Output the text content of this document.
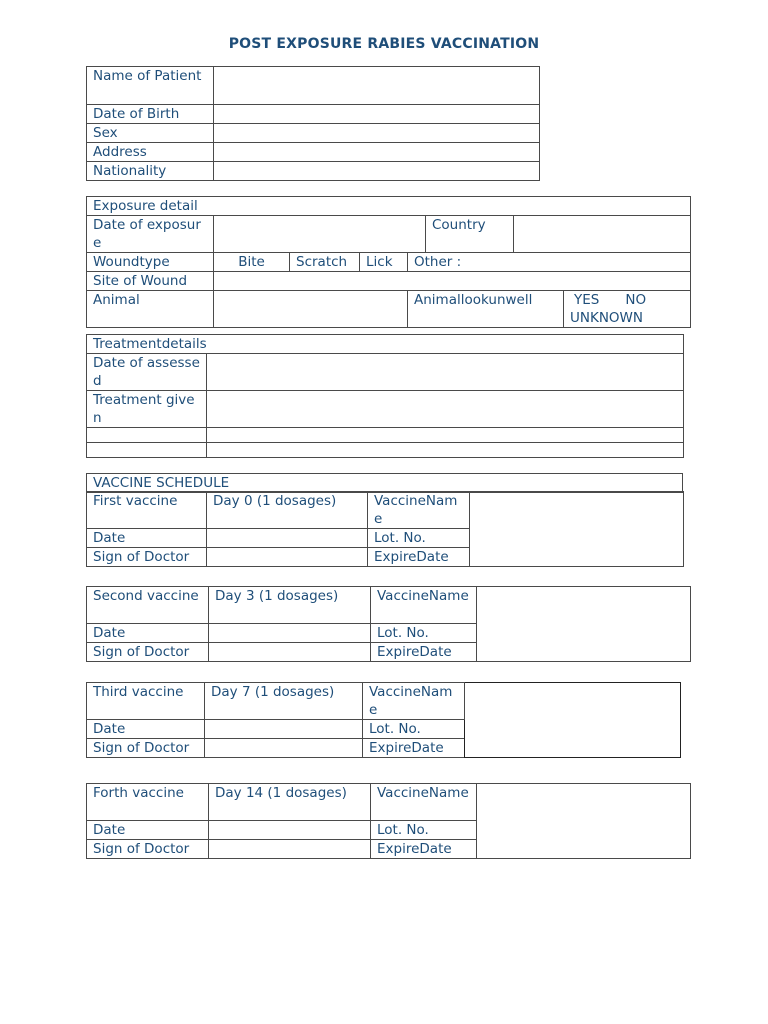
POST EXPOSURE RABIES VACCINATION
Name of Patient	
Date of Birth	
Sex	
Address	
Nationality	
Exposure detail							
Date of exposure					Country		
Woundtype	Bite	Scratch	Lick	Other :			
Site of Wound							
Animal				Animallookunwell			YES NO
UNKNOWN
Treatmentdetails	
Date of assessed	
Treatment given	

VACCINE SCHEDULE
First vaccine	Day 0 (1 dosages)	VaccineName	
Date		Lot. No.	
Sign of Doctor		ExpireDate	
Second vaccine	Day 3 (1 dosages)	VaccineName	
Date		Lot. No.	
Sign of Doctor		ExpireDate	
Third vaccine	Day 7 (1 dosages)	VaccineName	
Date		Lot. No.	
Sign of Doctor		ExpireDate	
Forth vaccine	Day 14 (1 dosages)	VaccineName	
Date		Lot. No.	
Sign of Doctor		ExpireDate	
